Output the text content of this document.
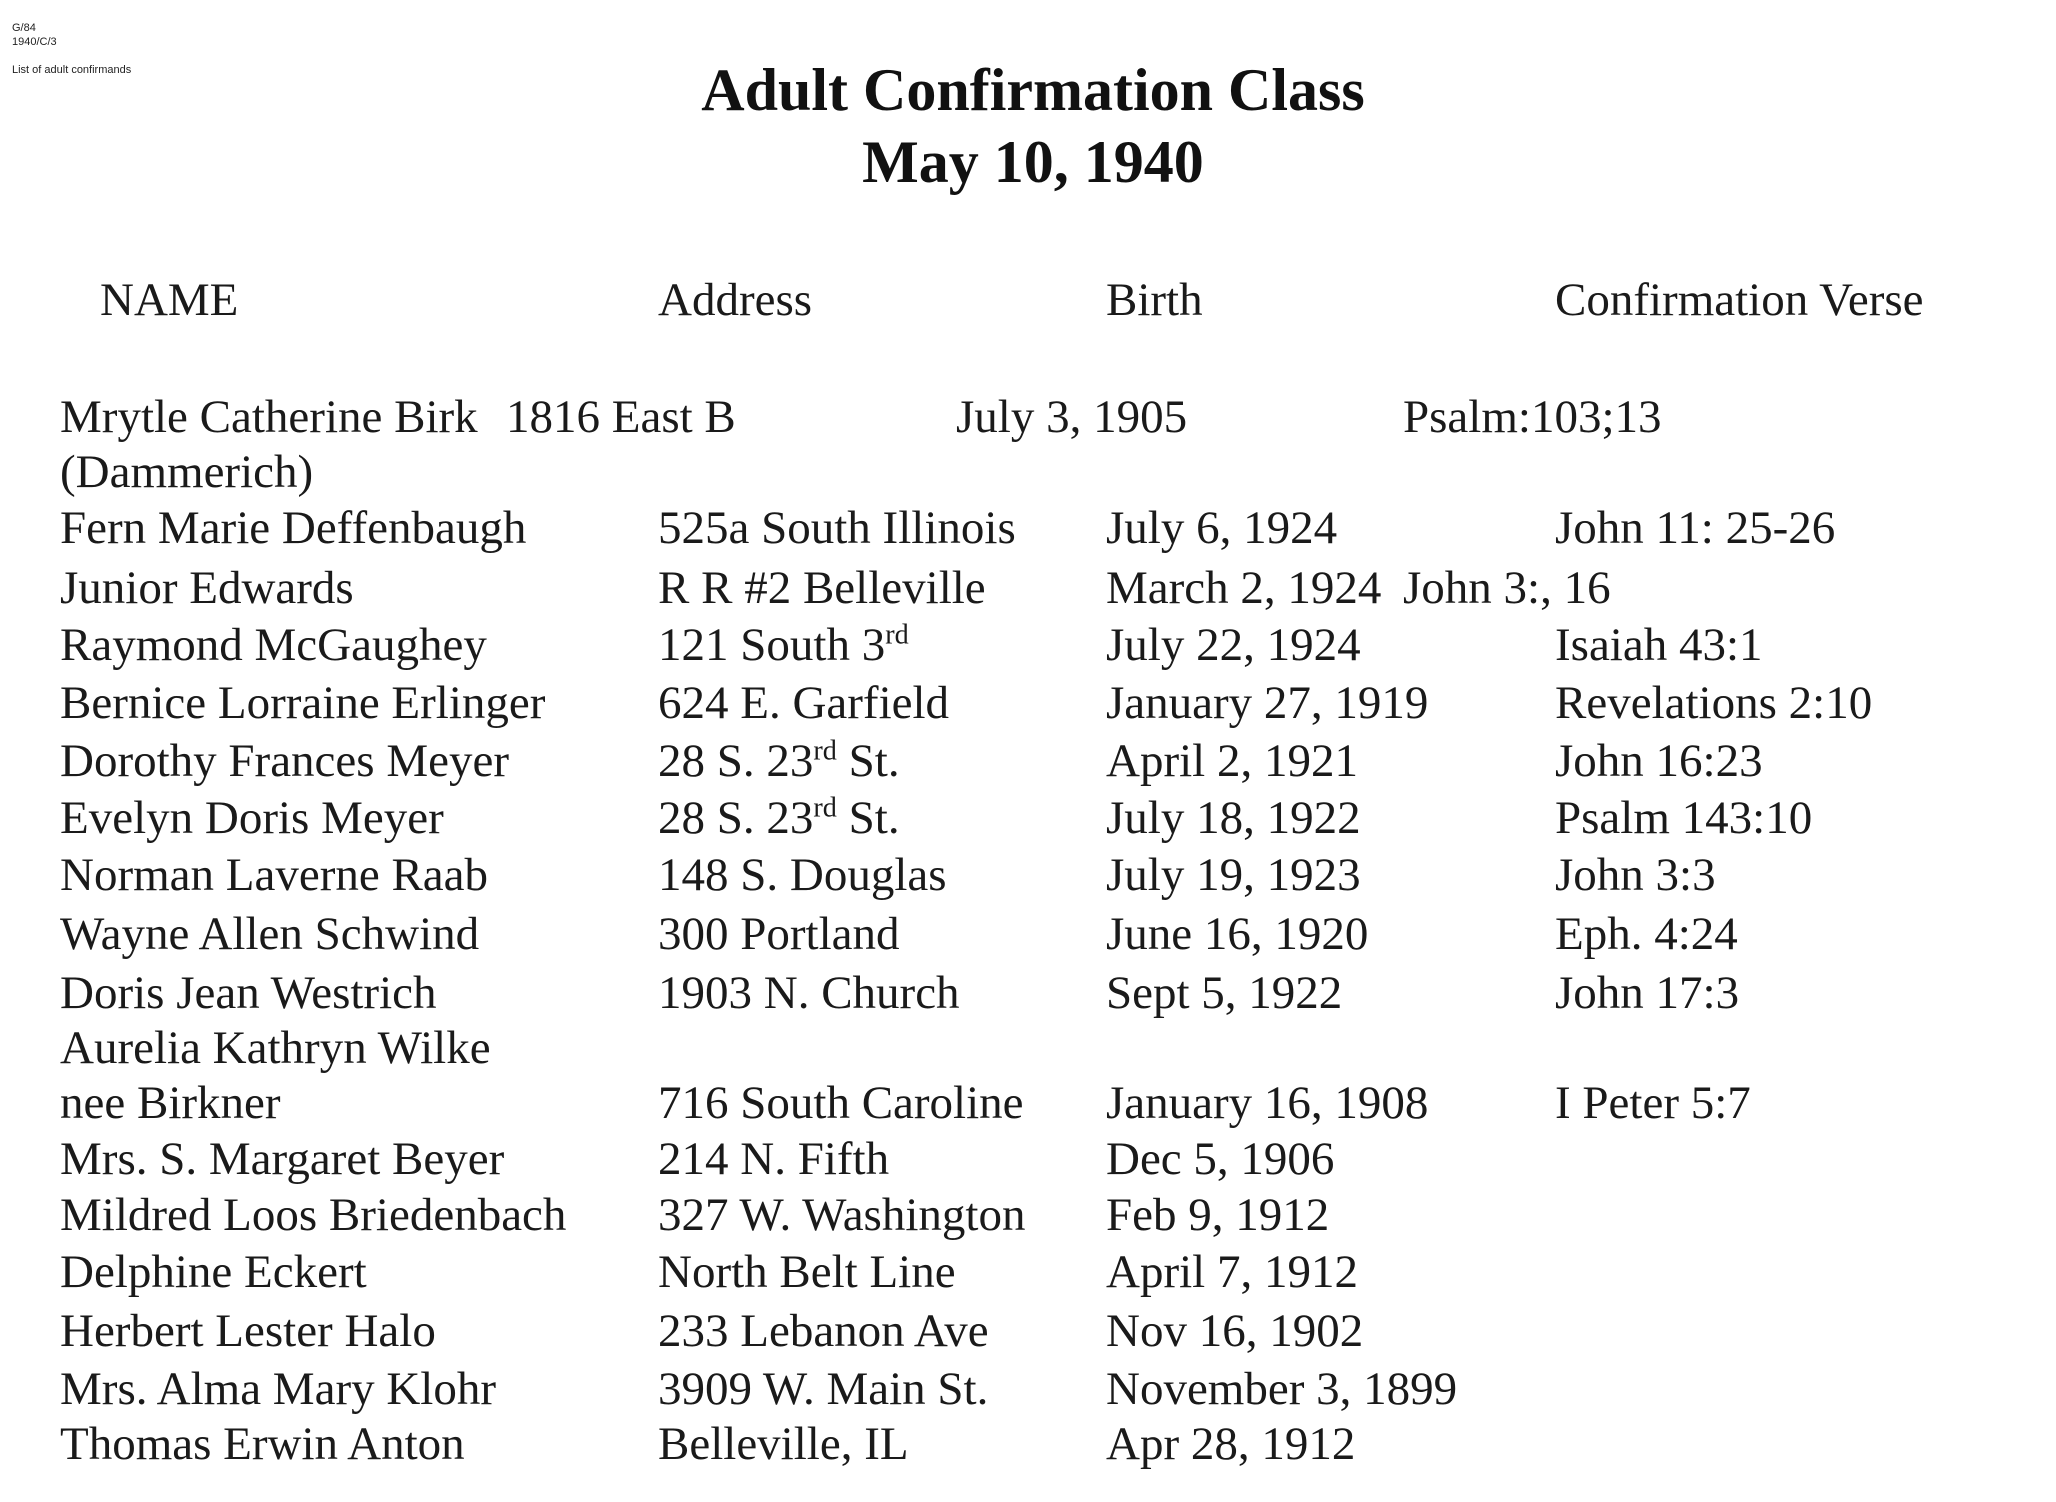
G/84
1940/C/3
List of adult confirmands	Adult Confirmation Class
May 10, 1940
NAME	Address	Birth	Confirmation Verse
Mrytle Catherine Birk 1816 East B	July 3, 1905	Psalm:103;13
(Dammerich)
Fern Marie Deffenbaugh	525a South Illinois July 6, 1924	John 11: 25-26
Junior Edwards	R R #2 Belleville	March 2, 1924 John 3:, 16
Raymond McGaughey	121 South 3rd	July 22, 1924	Isaiah 43:1
Bernice Lorraine Erlinger 624 E. Garfield	January 27, 1919	Revelations 2:10
Dorothy Frances Meyer	28 S. 23rd St.	April 2, 1921	John 16:23
Evelyn Doris Meyer	28 S. 23rd St.	July 18, 1922	Psalm 143:10
Norman Laverne Raab	148 S. Douglas	July 19, 1923	John 3:3
Wayne Allen Schwind	300 Portland	June 16, 1920	Eph. 4:24
Doris Jean Westrich	1903 N. Church	Sept 5, 1922	John 17:3
Aurelia Kathryn Wilke
nee Birkner	716 South Caroline January 16, 1908	I Peter 5:7
Mrs. S. Margaret Beyer	214 N. Fifth	Dec 5, 1906
Mildred Loos Briedenbach 327 W. Washington Feb 9, 1912
Delphine Eckert	North Belt Line	April 7, 1912
Herbert Lester Halo	233 Lebanon Ave Nov 16, 1902
Mrs. Alma Mary Klohr	3909 W. Main St.	November 3, 1899
Thomas Erwin Anton	Belleville, IL	Apr 28, 1912
